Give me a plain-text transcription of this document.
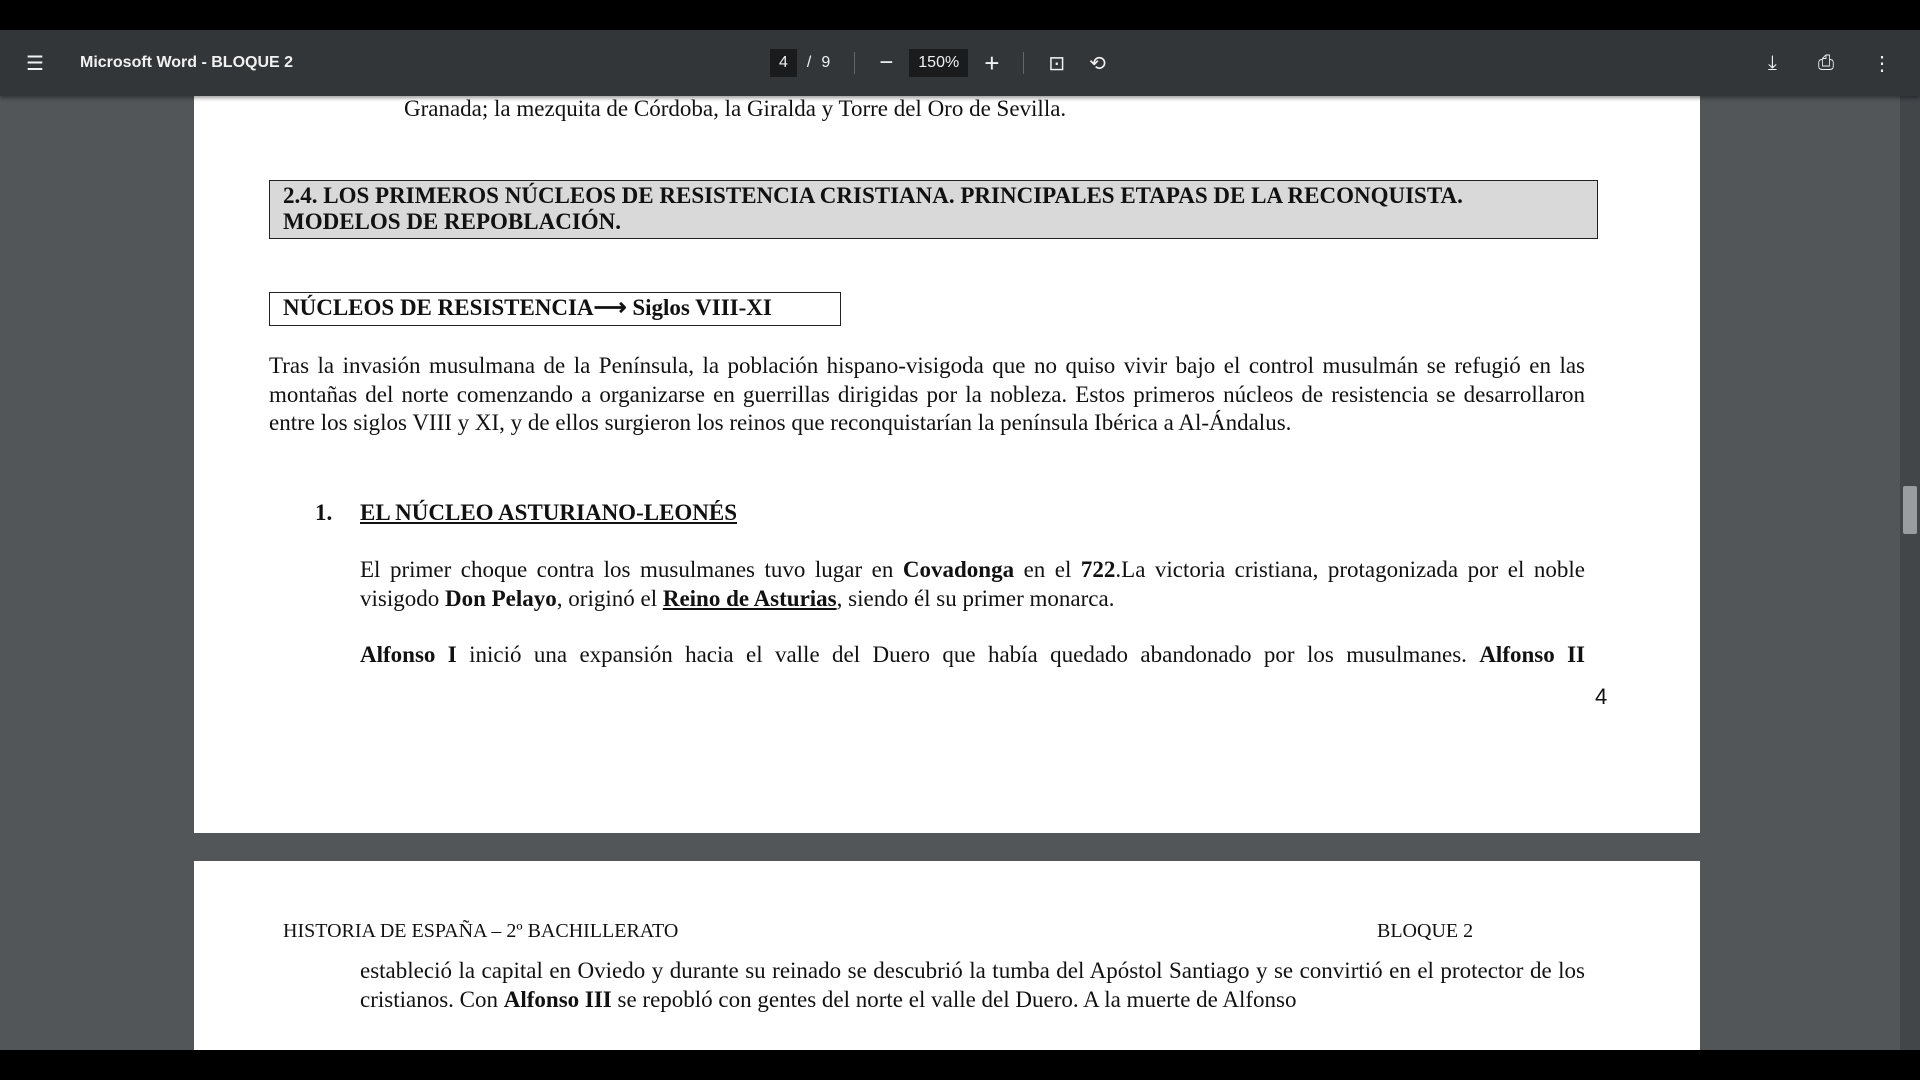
☰ Microsoft Word - BLOQUE 2	4	/ 9 −	150% + ⊡ ⟲	⤓ ⎙ ⋮
Granada; la mezquita de Córdoba, la Giralda y Torre del Oro de Sevilla.
2.4. LOS PRIMEROS NÚCLEOS DE RESISTENCIA CRISTIANA. PRINCIPALES ETAPAS DE LA RECONQUISTA.
MODELOS DE REPOBLACIÓN.
NÚCLEOS DE RESISTENCIA⟶ Siglos VIII-XI
Tras la invasión musulmana de la Península, la población hispano-visigoda que no quiso vivir bajo el control musulmán se refugió en las montañas del norte comenzando a organizarse en guerrillas dirigidas por la nobleza. Estos primeros núcleos de resistencia se desarrollaron entre los siglos VIII y XI, y de ellos surgieron los reinos que reconquistarían la península Ibérica a Al-Ándalus.
1. EL NÚCLEO ASTURIANO-LEONÉS
El primer choque contra los musulmanes tuvo lugar en Covadonga en el 722.La victoria cristiana, protagonizada por el noble visigodo Don Pelayo, originó el Reino de Asturias, siendo él su primer monarca.
Alfonso I inició una expansión hacia el valle del Duero que había quedado abandonado por los musulmanes. Alfonso II
4
HISTORIA DE ESPAÑA – 2º BACHILLERATO	BLOQUE 2
estableció la capital en Oviedo y durante su reinado se descubrió la tumba del Apóstol Santiago y se convirtió en el protector de los cristianos. Con Alfonso III se repobló con gentes del norte el valle del Duero. A la muerte de Alfonso
